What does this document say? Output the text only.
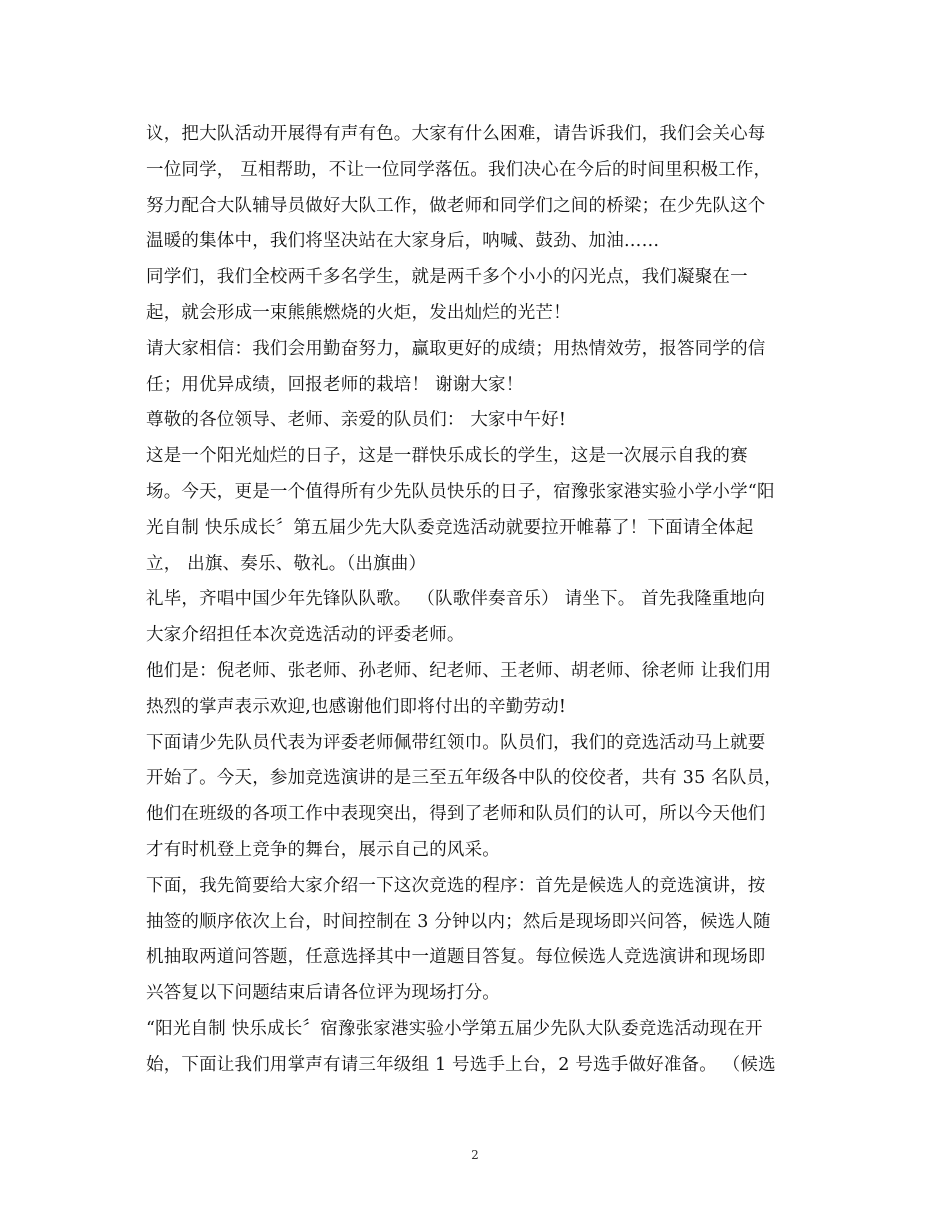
议，把大队活动开展得有声有色。大家有什么困难，请告诉我们，我们会关心每
一位同学， 互相帮助，不让一位同学落伍。我们决心在今后的时间里积极工作，
努力配合大队辅导员做好大队工作，做老师和同学们之间的桥梁；在少先队这个
温暖的集体中，我们将坚决站在大家身后，呐喊、鼓劲、加油……
同学们，我们全校两千多名学生，就是两千多个小小的闪光点，我们凝聚在一
起，就会形成一束熊熊燃烧的火炬，发出灿烂的光芒！
请大家相信：我们会用勤奋努力，赢取更好的成绩；用热情效劳，报答同学的信
任；用优异成绩，回报老师的栽培！ 谢谢大家！
尊敬的各位领导、老师、亲爱的队员们： 大家中午好!
这是一个阳光灿烂的日子，这是一群快乐成长的学生，这是一次展示自我的赛
场。今天，更是一个值得所有少先队员快乐的日子，宿豫张家港实验小学小学“阳
光自制 快乐成长〞第五届少先大队委竞选活动就要拉开帷幕了！下面请全体起
立， 出旗、奏乐、敬礼。（出旗曲）
礼毕，齐唱中国少年先锋队队歌。 （队歌伴奏音乐） 请坐下。 首先我隆重地向
大家介绍担任本次竞选活动的评委老师。
他们是：倪老师、张老师、孙老师、纪老师、王老师、胡老师、徐老师 让我们用
热烈的掌声表示欢迎,也感谢他们即将付出的辛勤劳动!
下面请少先队员代表为评委老师佩带红领巾。队员们，我们的竞选活动马上就要
开始了。今天，参加竞选演讲的是三至五年级各中队的佼佼者，共有 35 名队员，
他们在班级的各项工作中表现突出，得到了老师和队员们的认可，所以今天他们
才有时机登上竞争的舞台，展示自己的风采。
下面，我先简要给大家介绍一下这次竞选的程序：首先是候选人的竞选演讲，按
抽签的顺序依次上台，时间控制在 3 分钟以内；然后是现场即兴问答，候选人随
机抽取两道问答题，任意选择其中一道题目答复。每位候选人竞选演讲和现场即
兴答复以下问题结束后请各位评为现场打分。
“阳光自制 快乐成长〞宿豫张家港实验小学第五届少先队大队委竞选活动现在开
始，下面让我们用掌声有请三年级组 1 号选手上台，2 号选手做好准备。 （候选
2
